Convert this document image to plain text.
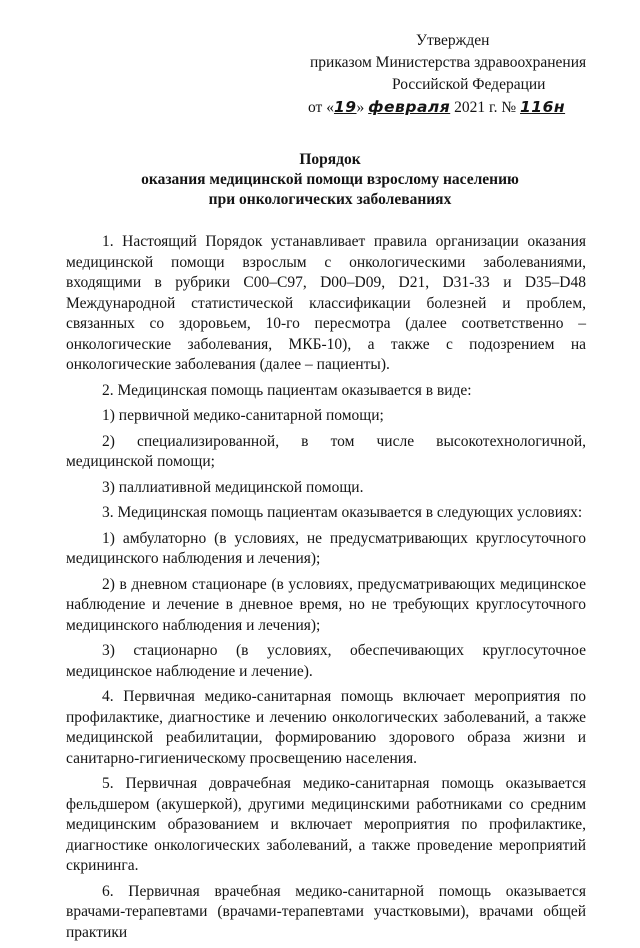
Утвержден
приказом Министерства здравоохранения
Российской Федерации
от «19» февраля 2021 г. № 116н
Порядок
оказания медицинской помощи взрослому населению
при онкологических заболеваниях

1. Настоящий Порядок устанавливает правила организации оказания медицинской помощи взрослым с онкологическими заболеваниями, входящими в рубрики C00–C97, D00–D09, D21, D31-33 и D35–D48 Международной статистической классификации болезней и проблем, связанных со здоровьем, 10-го пересмотра (далее соответственно – онкологические заболевания, МКБ-10), а также с подозрением на онкологические заболевания (далее – пациенты).

2. Медицинская помощь пациентам оказывается в виде:

1) первичной медико-санитарной помощи;

2) специализированной, в том числе высокотехнологичной, медицинской помощи;

3) паллиативной медицинской помощи.

3. Медицинская помощь пациентам оказывается в следующих условиях:

1) амбулаторно (в условиях, не предусматривающих круглосуточного медицинского наблюдения и лечения);

2) в дневном стационаре (в условиях, предусматривающих медицинское наблюдение и лечение в дневное время, но не требующих круглосуточного медицинского наблюдения и лечения);

3) стационарно (в условиях, обеспечивающих круглосуточное медицинское наблюдение и лечение).

4. Первичная медико-санитарная помощь включает мероприятия по профилактике, диагностике и лечению онкологических заболеваний, а также медицинской реабилитации, формированию здорового образа жизни и санитарно-гигиеническому просвещению населения.

5. Первичная доврачебная медико-санитарная помощь оказывается фельдшером (акушеркой), другими медицинскими работниками со средним медицинским образованием и включает мероприятия по профилактике, диагностике онкологических заболеваний, а также проведение мероприятий скрининга.

6. Первичная врачебная медико-санитарной помощь оказывается врачами-терапевтами (врачами-терапевтами участковыми), врачами общей практики
